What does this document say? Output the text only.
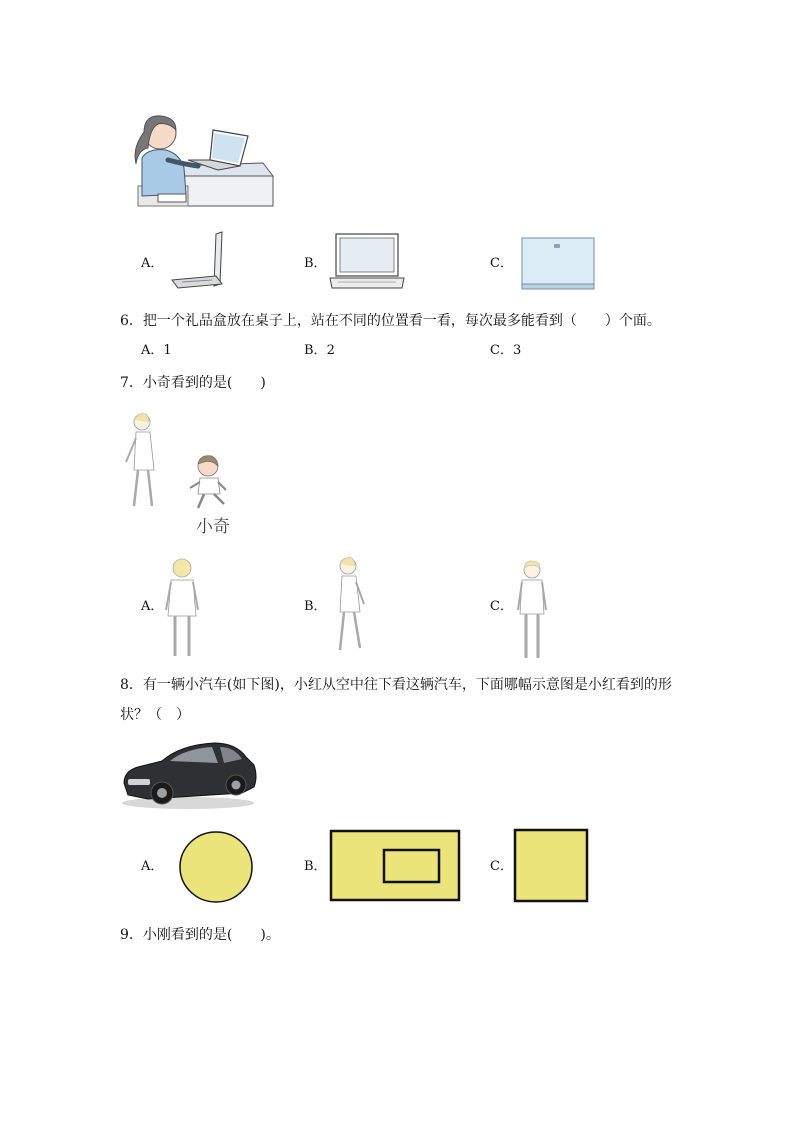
A．	B．	C．
6．把一个礼品盒放在桌子上，站在不同的位置看一看，每次最多能看到（　　）个面。
A．1	B．2	C．3
7．小奇看到的是(　　)
小奇
A．	B．	C．
8．有一辆小汽车(如下图)，小红从空中往下看这辆汽车，下面哪幅示意图是小红看到的形
状？（　）
A．	B．	C．
9．小刚看到的是(　　)。
